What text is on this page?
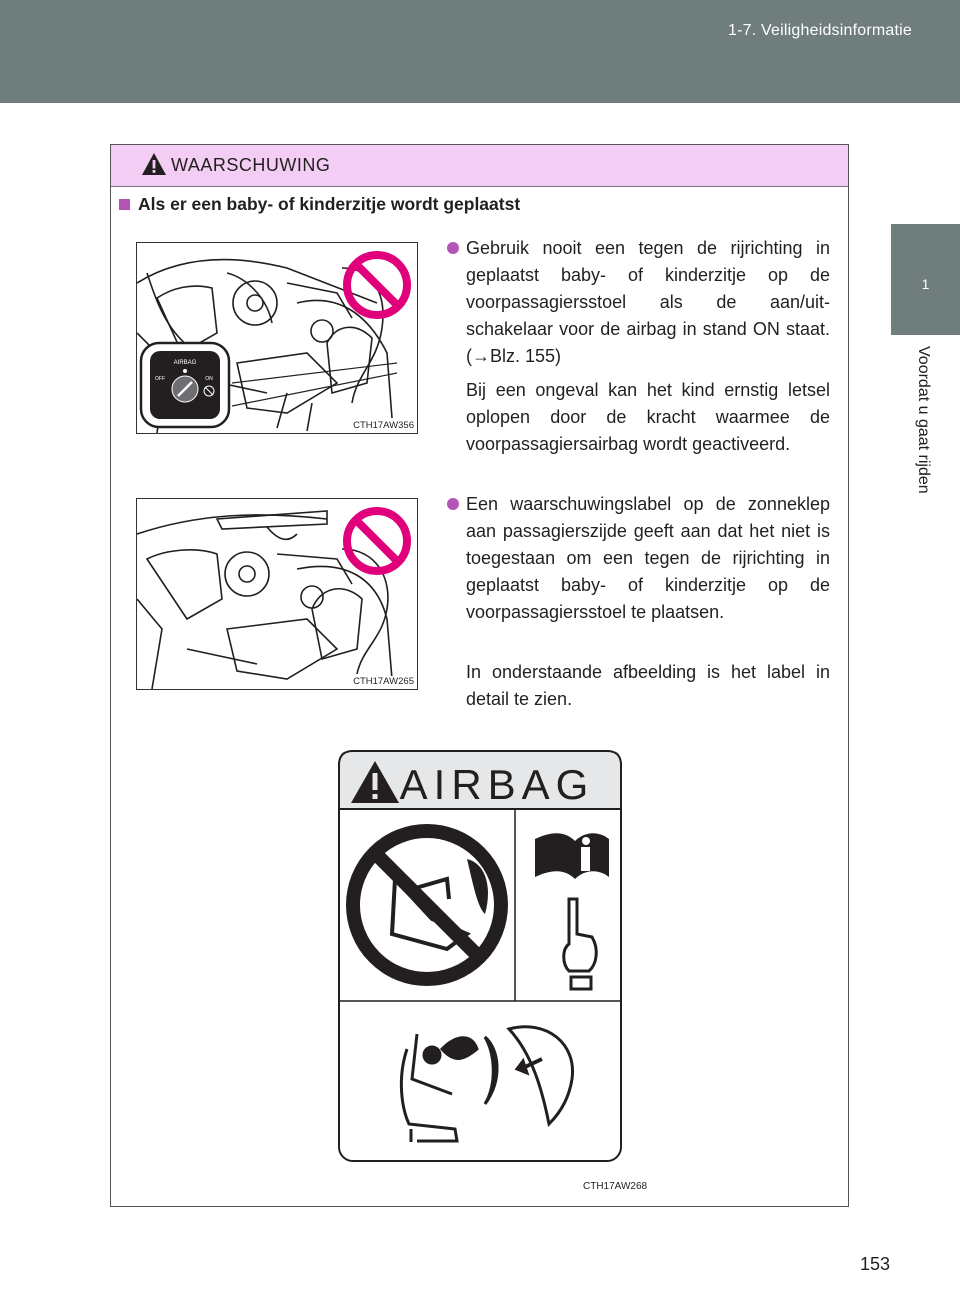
1-7. Veiligheidsinformatie
1
Voordat u gaat rijden
WAARSCHUWING
Als er een baby- of kinderzitje wordt geplaatst
AIRBAG
OFF	ON
CTH17AW356
CTH17AW265
Gebruik nooit een tegen de rijrichting in geplaatst baby- of kinderzitje op de voorpassagiersstoel als de aan/uit-schakelaar voor de airbag in stand ON staat. (→Blz. 155)
Bij een ongeval kan het kind ernstig letsel oplopen door de kracht waarmee de voorpassagiersairbag wordt geactiveerd.
Een waarschuwingslabel op de zonneklep aan passagierszijde geeft aan dat het niet is toegestaan om een tegen de rijrichting in geplaatst baby- of kinderzitje op de voorpassagiersstoel te plaatsen.
In onderstaande afbeelding is het label in detail te zien.
AIRBAG
CTH17AW268
153
